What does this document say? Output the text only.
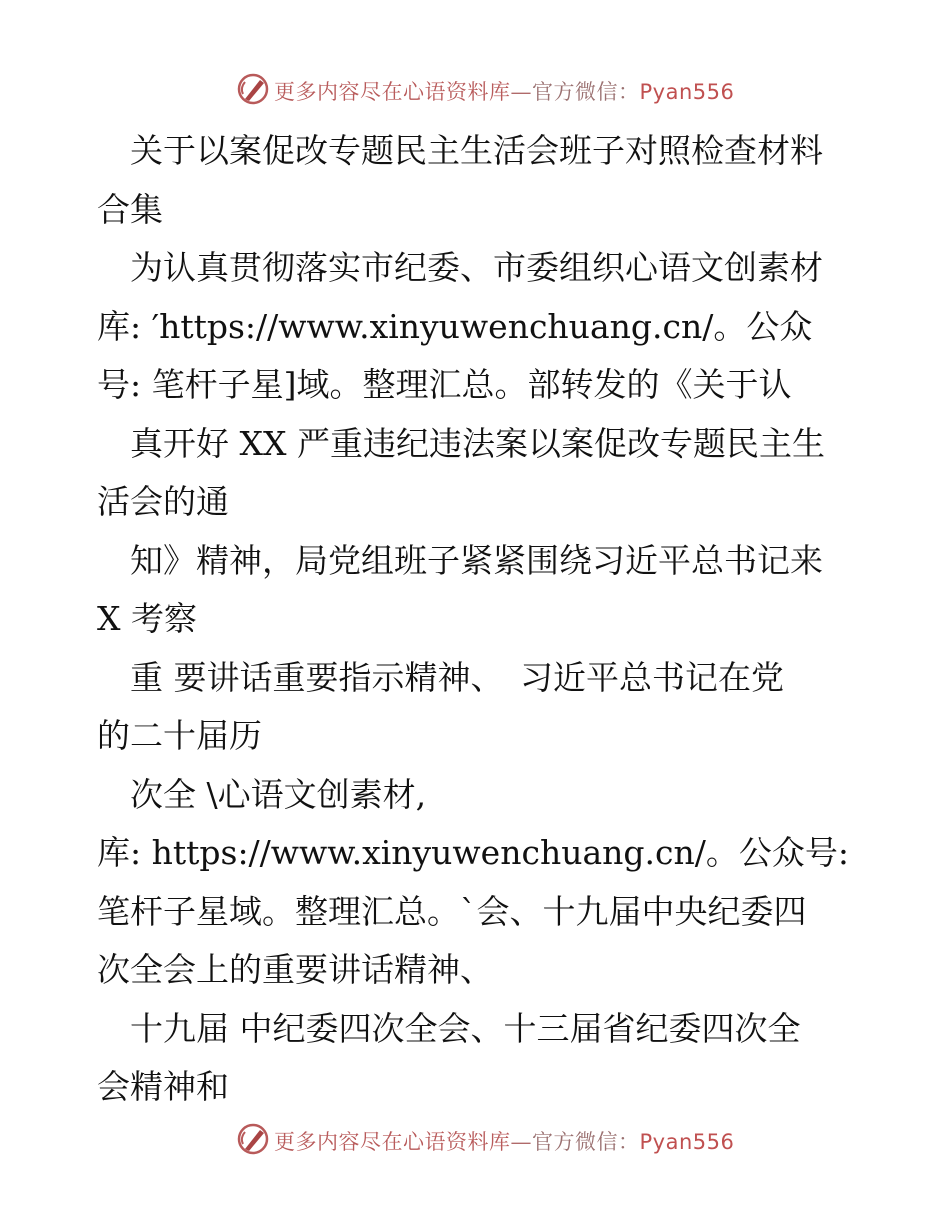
更多内容尽在心语资料库—官方微信：Pyan556
　关于以案促改专题民主生活会班子对照检查材料
合集
　为认真贯彻落实市纪委、市委组织心语文创素材
库: ′https://www.xinyuwenchuang.cn/。公众
号: 笔杆子星]域。整理汇总。部转发的《关于认
　真开好 XX 严重违纪违法案以案促改专题民主生
活会的通
　知》精神，局党组班子紧紧围绕习近平总书记来
X 考察
　重 要讲话重要指示精神、　习近平总书记在党
的二十届历
　次全 \心语文创素材,
库: https://www.xinyuwenchuang.cn/。公众号:
笔杆子星域。整理汇总。`会、十九届中央纪委四
次全会上的重要讲话精神、
　十九届 中纪委四次全会、十三届省纪委四次全
会精神和
更多内容尽在心语资料库—官方微信：Pyan556
